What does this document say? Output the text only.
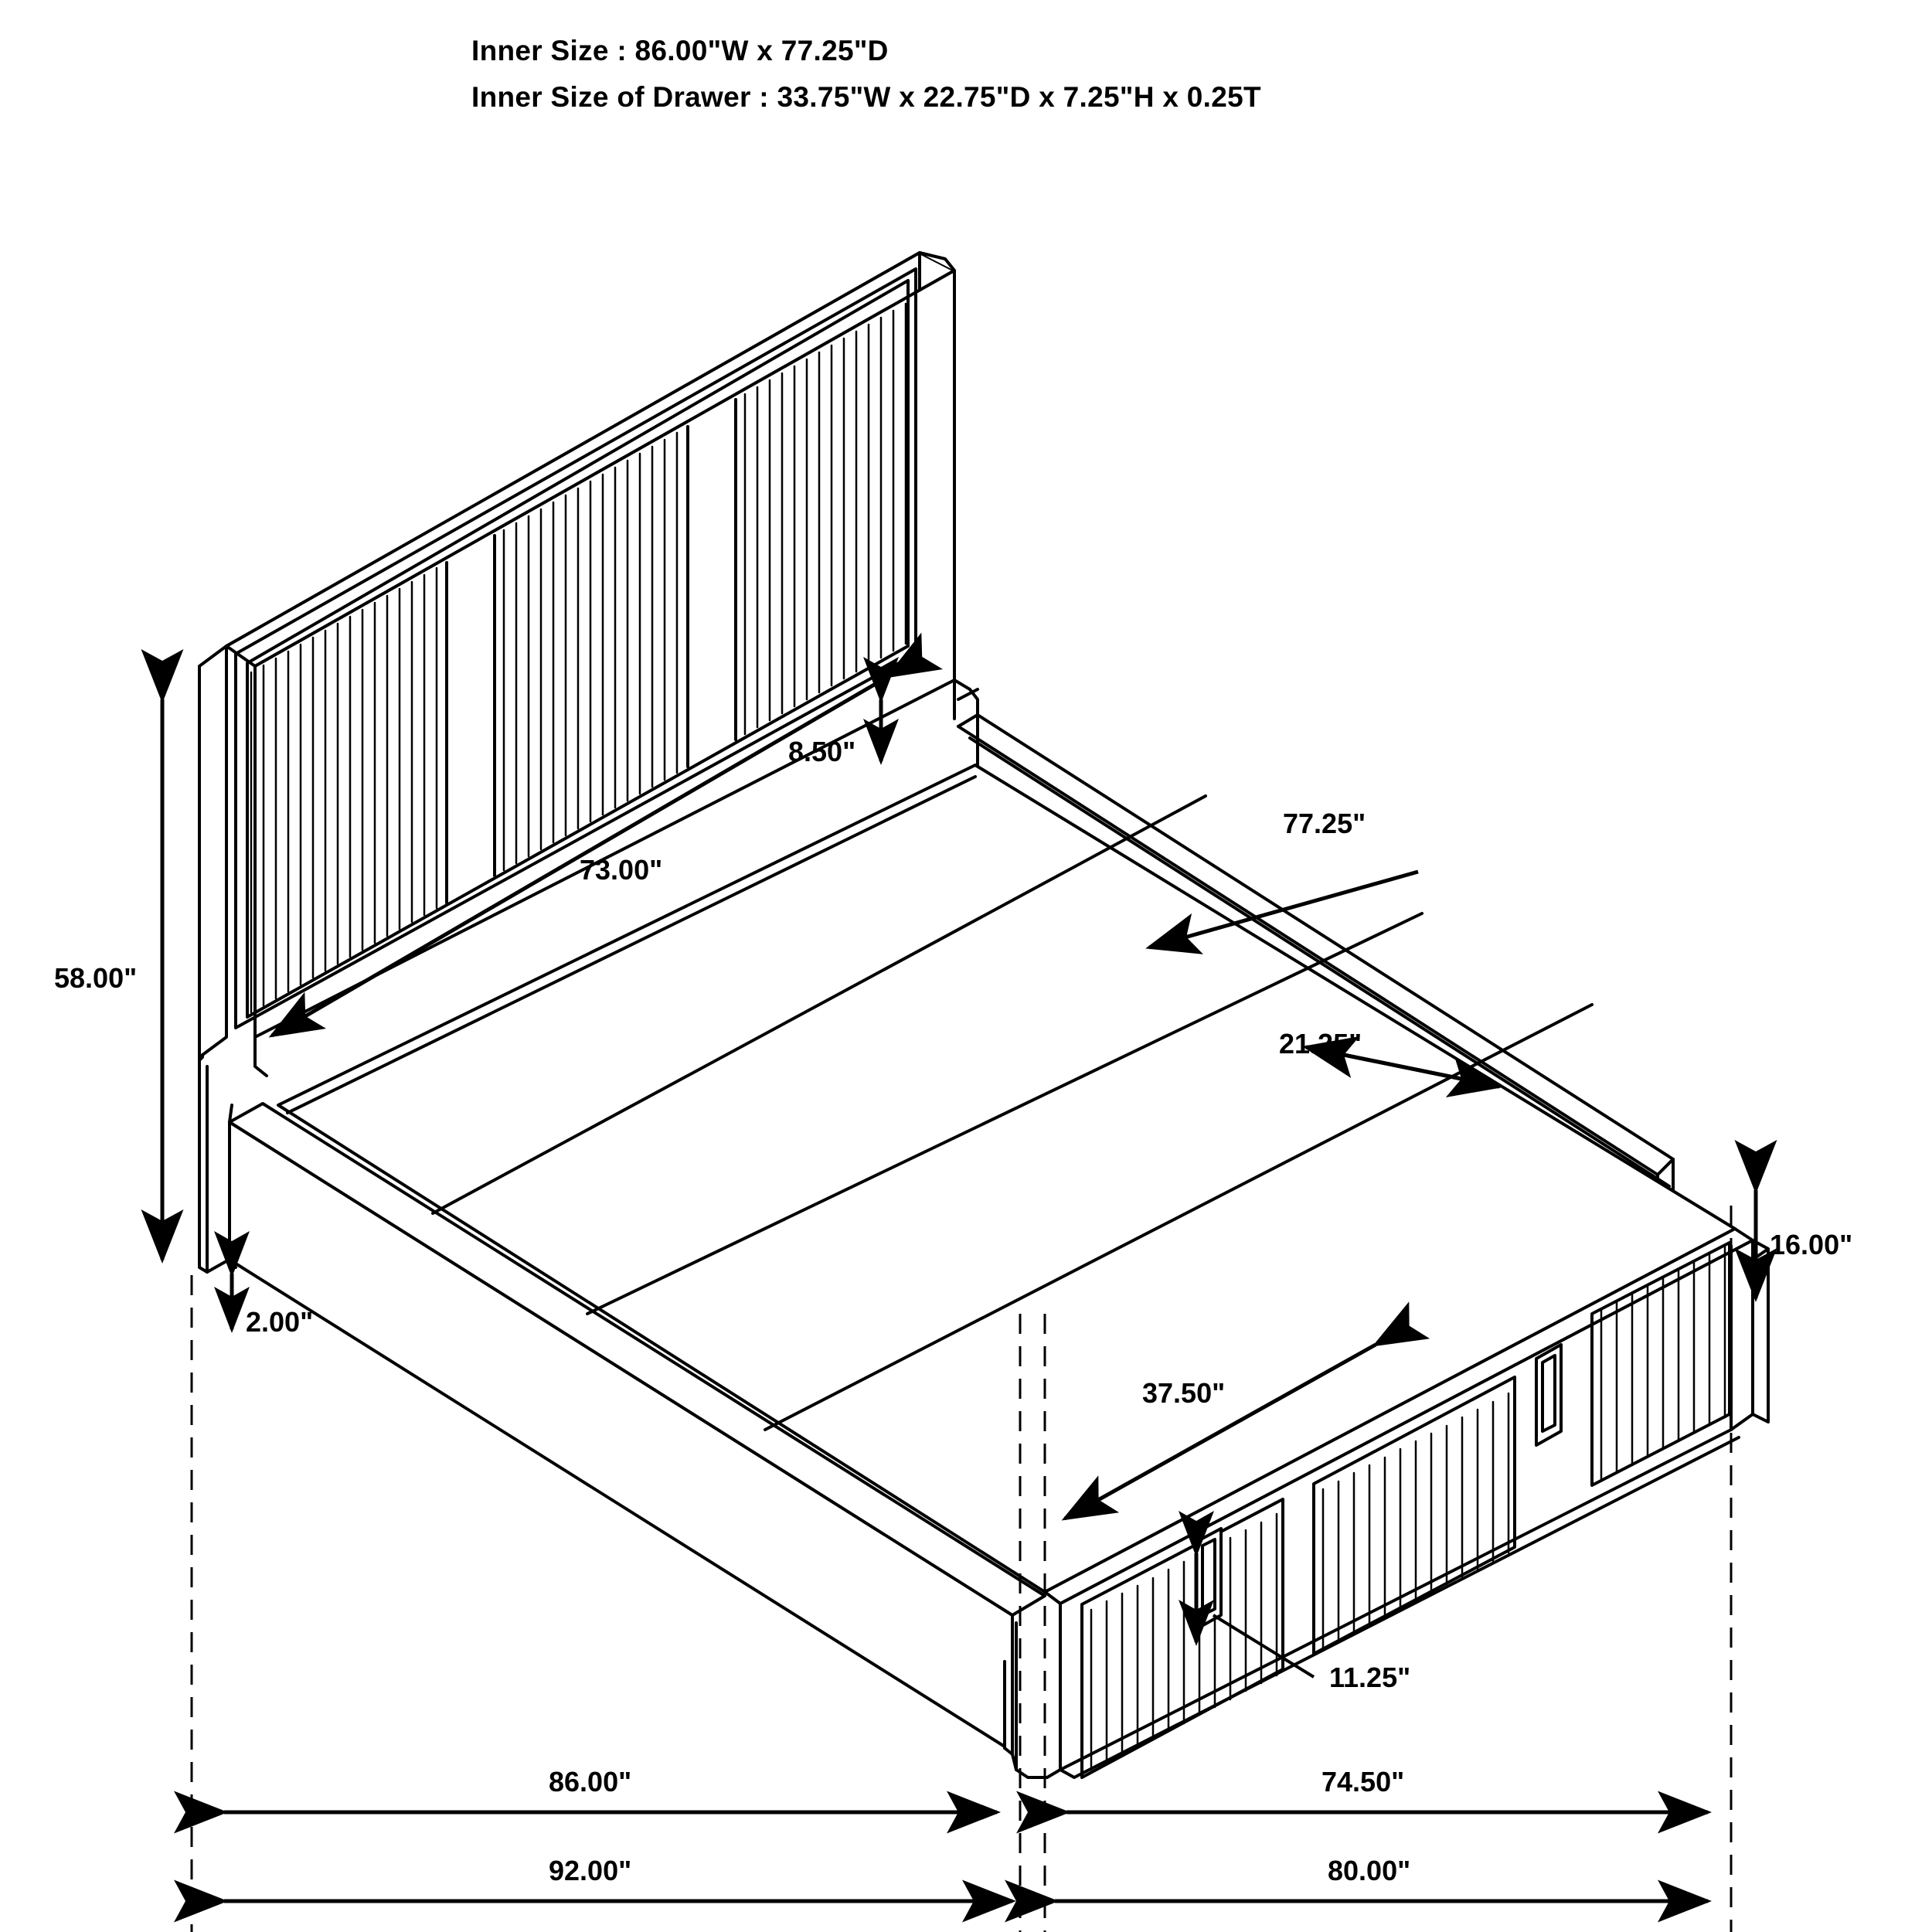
Inner Size : 86.00"W x 77.25"D
Inner Size of Drawer : 33.75"W x 22.75"D x 7.25"H x 0.25T
58.00"
73.00"
8.50"
77.25"
21.25"
2.00"
16.00"
37.50"
11.25"
86.00"	74.50"
92.00"	80.00"
